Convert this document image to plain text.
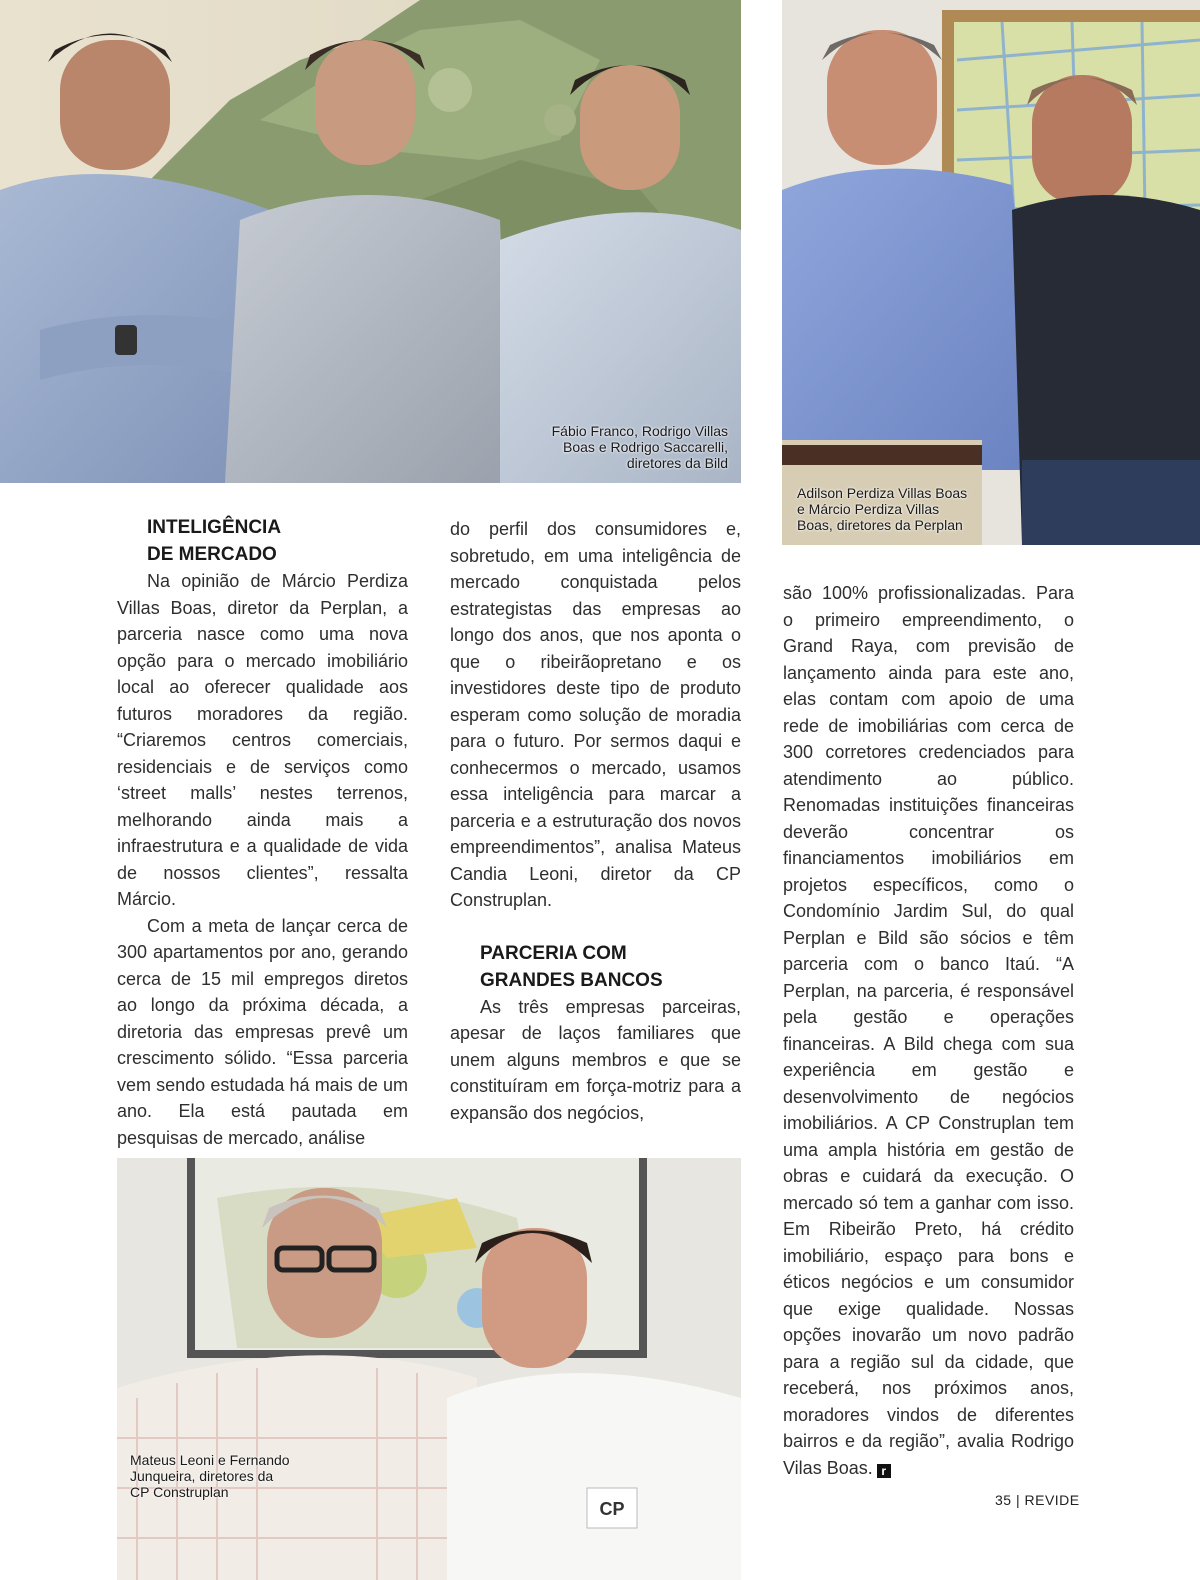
Fábio Franco, Rodrigo Villas
Boas e Rodrigo Saccarelli,
diretores da Bild
Adilson Perdiza Villas Boas
e Márcio Perdiza Villas
Boas, diretores da Perplan
CP
Mateus Leoni e Fernando
Junqueira, diretores da
CP Construplan
INTELIGÊNCIA
DE MERCADO

Na opinião de Márcio Perdiza Villas Boas, diretor da Perplan, a parceria nasce como uma nova opção para o mercado imobiliário local ao oferecer qualidade aos futuros moradores da região. “Criaremos centros comerciais, residenciais e de serviços como ‘street malls’ nestes terrenos, melhorando ainda mais a infraestrutura e a qualidade de vida de nossos clientes”, ressalta Márcio.

Com a meta de lançar cerca de 300 apartamentos por ano, gerando cerca de 15 mil empregos diretos ao longo da próxima década, a diretoria das empresas prevê um crescimento sólido. “Essa parceria vem sendo estudada há mais de um ano. Ela está pautada em pesquisas de mercado, análise

do perfil dos consumidores e, sobretudo, em uma inteligência de mercado conquistada pelos estrategistas das empresas ao longo dos anos, que nos aponta o que o ribeirãopretano e os investidores deste tipo de produto esperam como solução de moradia para o futuro. Por sermos daqui e conhecermos o mercado, usamos essa inteligência para marcar a parceria e a estruturação dos novos empreendimentos”, analisa Mateus Candia Leoni, diretor da CP Construplan.

PARCERIA COM
GRANDES BANCOS

As três empresas parceiras, apesar de laços familiares que unem alguns membros e que se constituíram em força-motriz para a expansão dos negócios,

são 100% profissionalizadas. Para o primeiro empreendimento, o Grand Raya, com previsão de lançamento ainda para este ano, elas contam com apoio de uma rede de imobiliárias com cerca de 300 corretores credenciados para atendimento ao público. Renomadas instituições financeiras deverão concentrar os financiamentos imobiliários em projetos específicos, como o Condomínio Jardim Sul, do qual Perplan e Bild são sócios e têm parceria com o banco Itaú. “A Perplan, na parceria, é responsável pela gestão e operações financeiras. A Bild chega com sua experiência em gestão e desenvolvimento de negócios imobiliários. A CP Construplan tem uma ampla história em gestão de obras e cuidará da execução. O mercado só tem a ganhar com isso. Em Ribeirão Preto, há crédito imobiliário, espaço para bons e éticos negócios e um consumidor que exige qualidade. Nossas opções inovarão um novo padrão para a região sul da cidade, que receberá, nos próximos anos, moradores vindos de diferentes bairros e da região”, avalia Rodrigo Vilas Boas. r

35 | REVIDE
